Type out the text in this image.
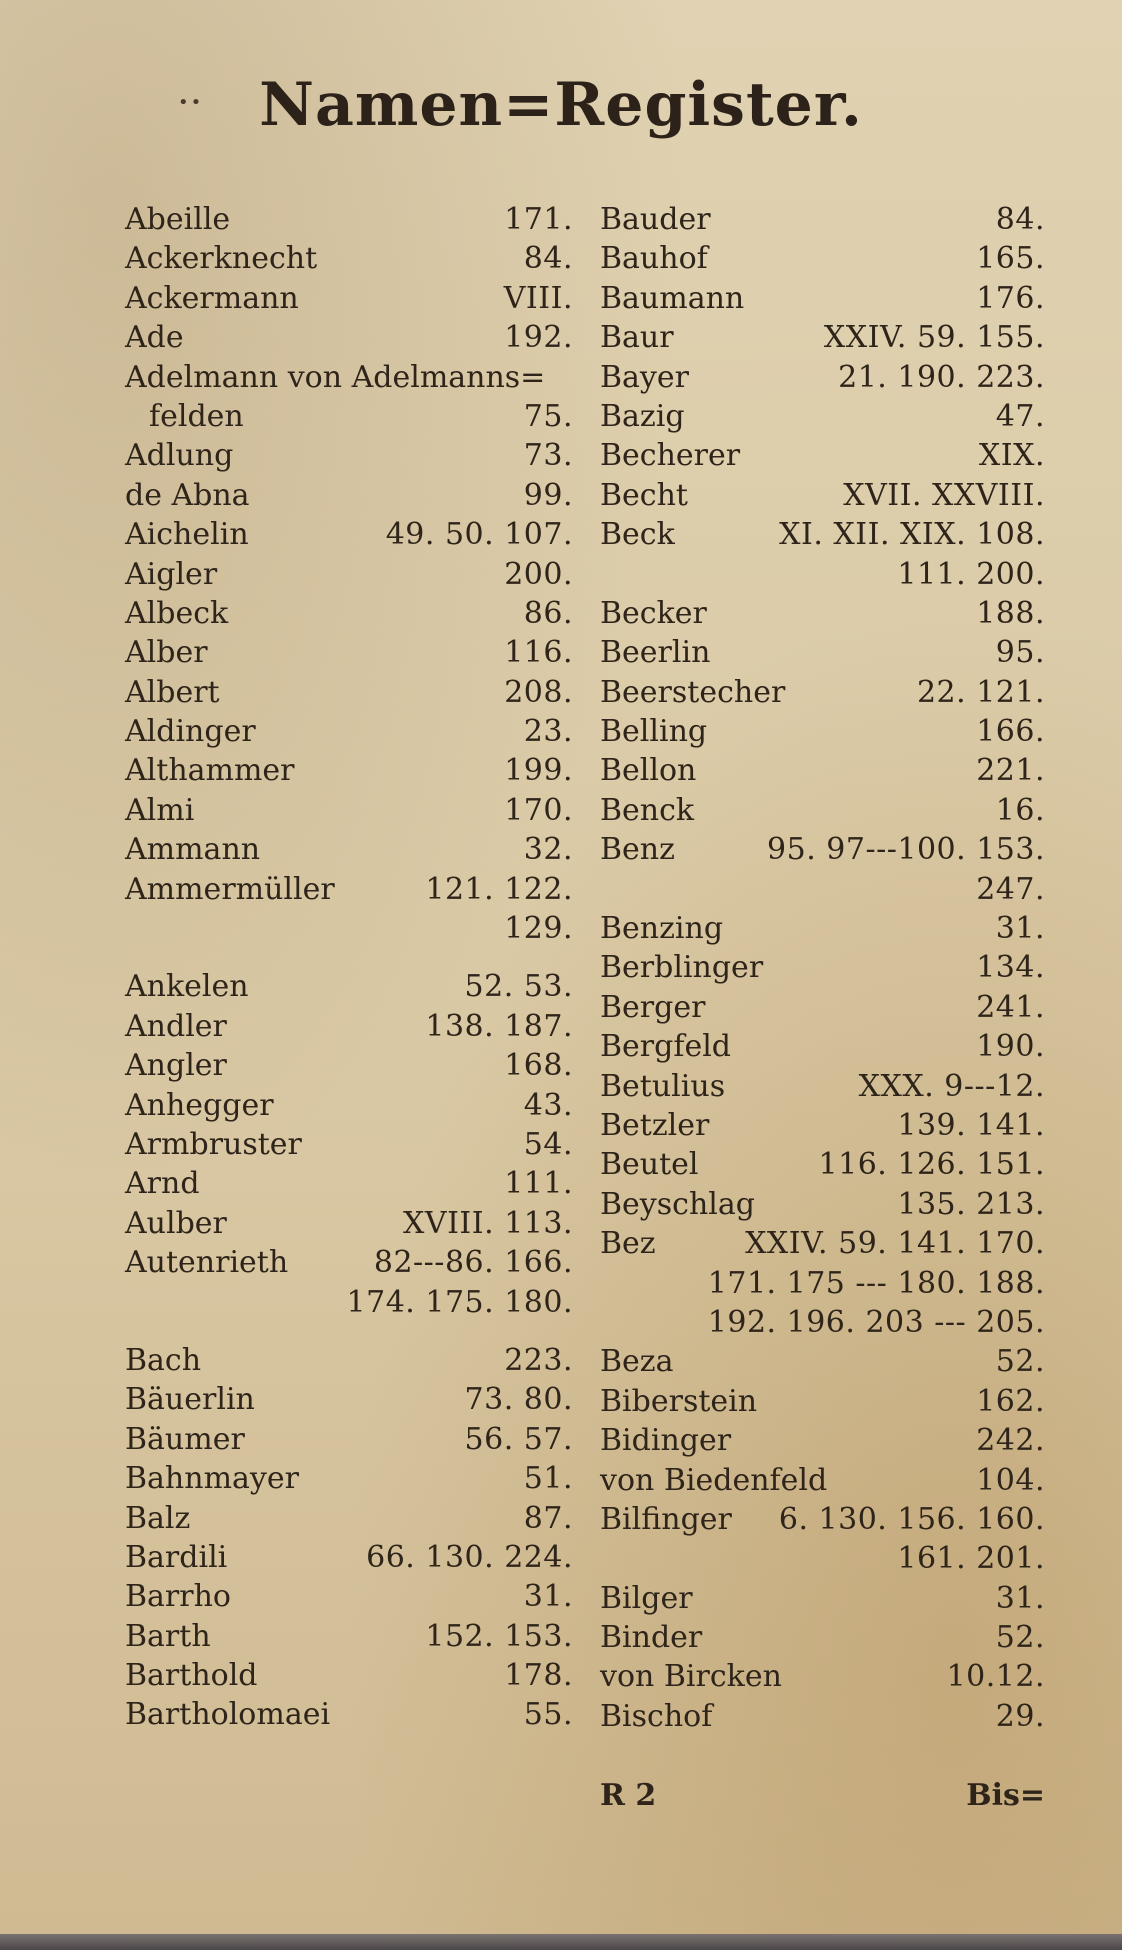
•• Namen=Register.
Abeille	171.
Ackerknecht	84.
Ackermann	VIII.
Ade	192.
Adelmann von Adelmanns=
felden	75.
Adlung	73.
de Abna	99.
Aichelin	49. 50. 107.
Aigler	200.
Albeck	86.
Alber	116.
Albert	208.
Aldinger	23.
Althammer	199.
Almi	170.
Ammann	32.
Ammermüller	121. 122.
129.
Ankelen	52. 53.
Andler	138. 187.
Angler	168.
Anhegger	43.
Armbruster	54.
Arnd	111.
Aulber	XVIII. 113.
Autenrieth	82---86. 166.
174. 175. 180.
Bach	223.
Bäuerlin	73. 80.
Bäumer	56. 57.
Bahnmayer	51.
Balz	87.
Bardili	66. 130. 224.
Barrho	31.
Barth	152. 153.
Barthold	178.
Bartholomaei	55.
Bauder	84.
Bauhof	165.
Baumann	176.
Baur	XXIV. 59. 155.
Bayer	21. 190. 223.
Bazig	47.
Becherer	XIX.
Becht	XVII. XXVIII.
Beck	XI. XII. XIX. 108.
111. 200.
Becker	188.
Beerlin	95.
Beerstecher	22. 121.
Belling	166.
Bellon	221.
Benck	16.
Benz	95. 97---100. 153.
247.
Benzing	31.
Berblinger	134.
Berger	241.
Bergfeld	190.
Betulius	XXX. 9---12.
Betzler	139. 141.
Beutel	116. 126. 151.
Beyschlag	135. 213.
Bez	XXIV. 59. 141. 170.
171. 175 --- 180. 188.
192. 196. 203 --- 205.
Beza	52.
Biberstein	162.
Bidinger	242.
von Biedenfeld	104.
Bilfinger 6. 130. 156. 160.
161. 201.
Bilger	31.
Binder	52.
von Bircken	10.12.
Bischof	29.
R 2	Bis=
